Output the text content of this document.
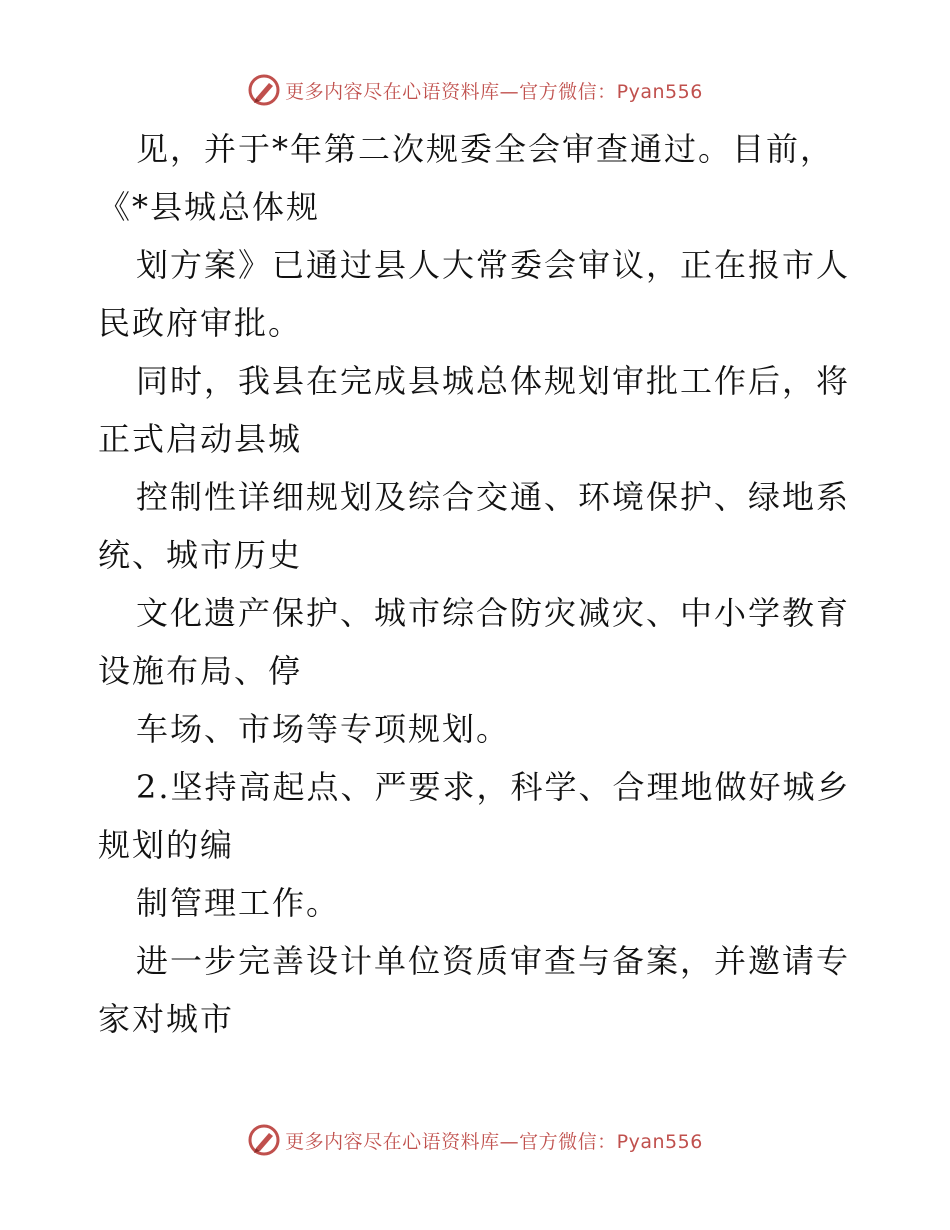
更多内容尽在心语资料库—官方微信：Pyan556
见，并于*年第二次规委全会审查通过。目前，
《*县城总体规
划方案》已通过县人大常委会审议，正在报市人
民政府审批。
同时，我县在完成县城总体规划审批工作后，将
正式启动县城
控制性详细规划及综合交通、环境保护、绿地系
统、城市历史
文化遗产保护、城市综合防灾减灾、中小学教育
设施布局、停
车场、市场等专项规划。
2.坚持高起点、严要求，科学、合理地做好城乡
规划的编
制管理工作。
进一步完善设计单位资质审查与备案，并邀请专
家对城市
更多内容尽在心语资料库—官方微信：Pyan556
